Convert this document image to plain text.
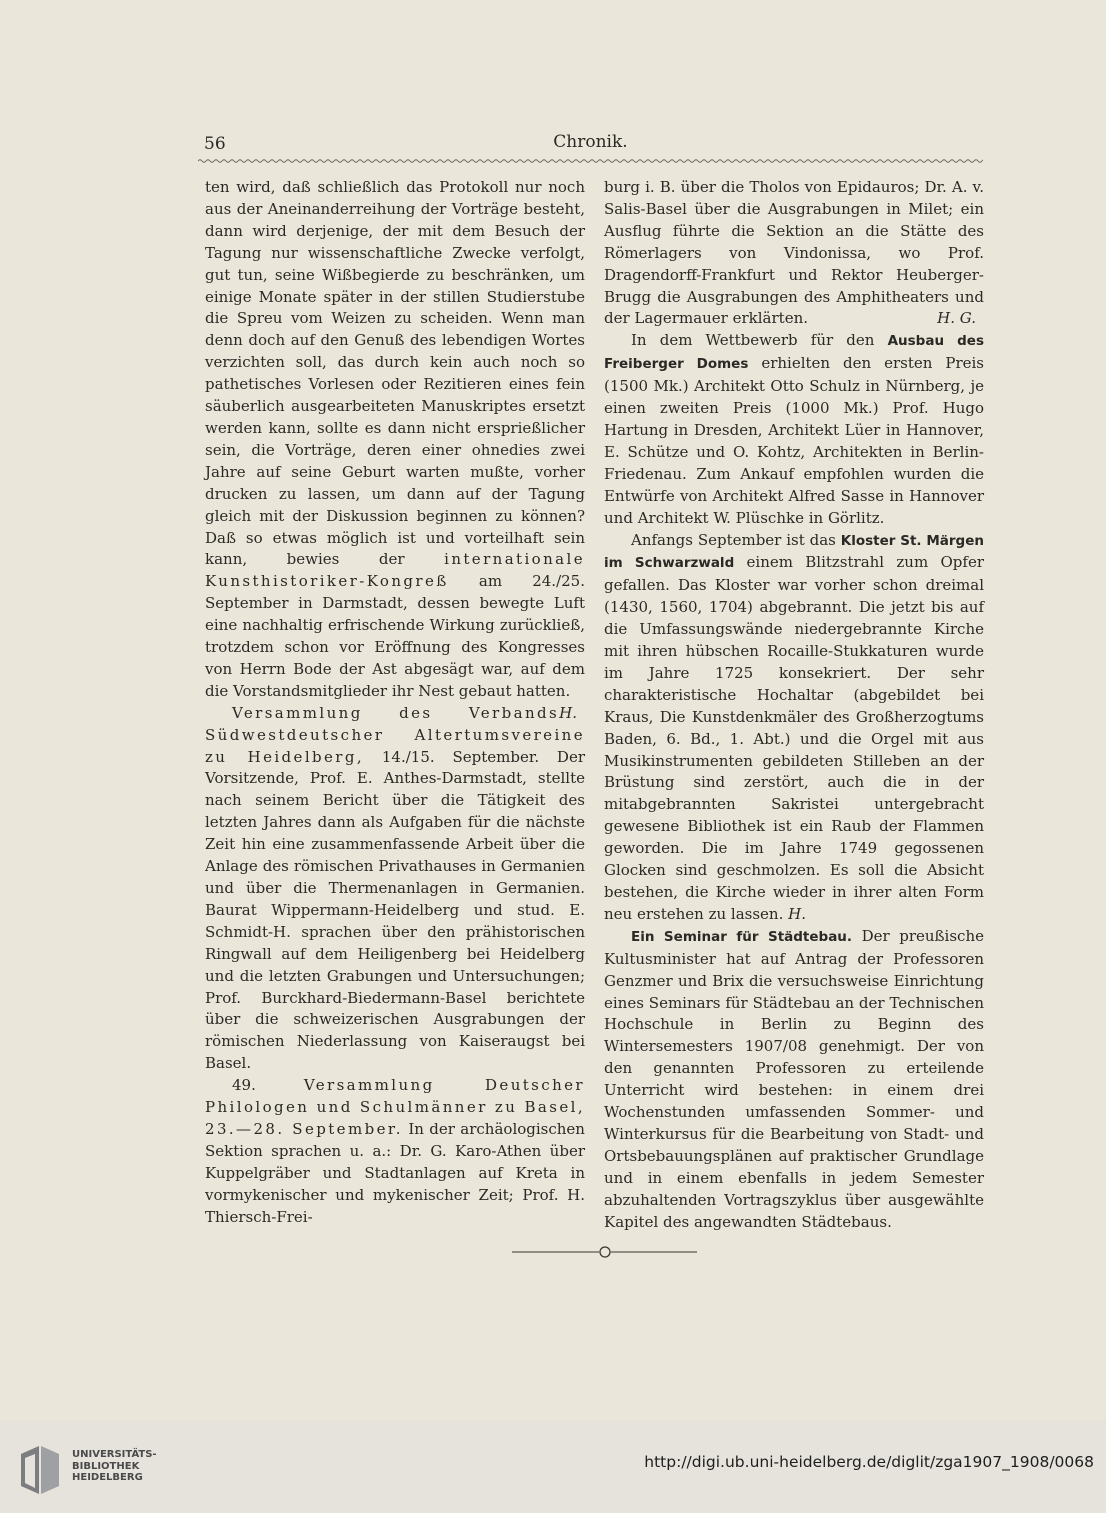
56	Chronik.

ten wird, daß schließlich das Protokoll nur noch aus der Aneinanderreihung der Vorträge besteht, dann wird derjenige, der mit dem Besuch der Tagung nur wissenschaftliche Zwecke verfolgt, gut tun, seine Wißbegierde zu beschränken, um einige Monate später in der stillen Studierstube die Spreu vom Weizen zu scheiden. Wenn man denn doch auf den Genuß des lebendigen Wortes verzichten soll, das durch kein auch noch so pathetisches Vorlesen oder Rezitieren eines fein säuberlich ausgearbeiteten Manuskriptes ersetzt werden kann, sollte es dann nicht ersprießlicher sein, die Vorträge, deren einer ohnedies zwei Jahre auf seine Geburt warten mußte, vorher drucken zu lassen, um dann auf der Tagung gleich mit der Diskussion beginnen zu können? Daß so etwas möglich ist und vorteilhaft sein kann, bewies der	internationale Kunsthistoriker-Kongreß am 24./25. September in Darmstadt, dessen bewegte Luft eine nachhaltig erfrischende Wirkung zurückließ, trotzdem schon vor Eröffnung des Kongresses von Herrn Bode der Ast abgesägt war, auf dem die Vorstandsmitglieder ihr Nest gebaut hatten.
H.

Versammlung des Verbands Südwestdeutscher Altertumsvereine zu Heidelberg, 14./15. September. Der Vorsitzende, Prof. E. Anthes-Darmstadt, stellte nach seinem Bericht über die Tätigkeit des letzten Jahres dann als Aufgaben für die nächste Zeit hin eine zusammenfassende Arbeit über die Anlage des römischen Privathauses in Germanien und über die Thermenanlagen in Germanien. Baurat Wippermann-Heidelberg und stud. E. Schmidt-H. sprachen über den prähistorischen Ringwall auf dem Heiligenberg bei Heidelberg und die letzten Grabungen und Untersuchungen; Prof. Burckhard-Biedermann-Basel berichtete über die schweizerischen Ausgrabungen der römischen Niederlassung von Kaiseraugst bei Basel.

49.	Versammlung Deutscher Philologen und Schulmänner zu Basel, 23.—28. September. In der archäologischen Sektion sprachen u. a.: Dr. G. Karo-Athen über Kuppelgräber und Stadtanlagen auf Kreta in vormykenischer und mykenischer Zeit; Prof. H. Thiersch-Frei-

burg i. B. über die Tholos von Epidauros; Dr. A. v. Salis-Basel über die Ausgrabungen in Milet; ein Ausflug führte die Sektion an die Stätte des Römerlagers von Vindonissa, wo Prof. Dragendorff-Frankfurt und Rektor Heuberger-Brugg die Ausgrabungen des Amphitheaters und der Lagermauer erklärten.	H. G.

In dem Wettbewerb für den Ausbau des Freiberger Domes erhielten den ersten Preis (1500 Mk.) Architekt Otto Schulz in Nürnberg, je einen zweiten Preis (1000 Mk.) Prof. Hugo Hartung in Dresden, Architekt Lüer in Hannover, E. Schütze und O. Kohtz, Architekten in Berlin-Friedenau. Zum Ankauf empfohlen wurden die Entwürfe von Architekt Alfred Sasse in Hannover und Architekt W. Plüschke in Görlitz.

Anfangs September ist das Kloster St. Märgen im Schwarzwald einem Blitzstrahl zum Opfer gefallen. Das Kloster war vorher schon dreimal (1430, 1560, 1704) abgebrannt. Die jetzt bis auf die Umfassungswände niedergebrannte Kirche mit ihren hübschen Rocaille-Stukkaturen wurde im Jahre 1725 konsekriert. Der sehr charakteristische Hochaltar (abgebildet bei Kraus, Die Kunstdenkmäler des Großherzogtums Baden, 6. Bd., 1. Abt.) und die Orgel mit aus Musikinstrumenten gebildeten Stilleben an der Brüstung sind zerstört, auch die in der mitabgebrannten Sakristei untergebracht gewesene Bibliothek ist ein Raub der Flammen geworden. Die im Jahre 1749 gegossenen Glocken sind geschmolzen. Es soll die Absicht bestehen, die Kirche wieder in ihrer alten Form neu erstehen zu lassen. H.

Ein Seminar für Städtebau. Der preußische Kultusminister hat auf Antrag der Professoren Genzmer und Brix die versuchsweise Einrichtung eines Seminars für Städtebau an der Technischen Hochschule in Berlin zu Beginn des Wintersemesters 1907/08 genehmigt. Der von den genannten Professoren zu erteilende Unterricht wird bestehen: in einem drei Wochenstunden umfassenden Sommer- und Winterkursus für die Bearbeitung von Stadt- und Ortsbebauungsplänen auf praktischer Grundlage und in einem ebenfalls in jedem Semester abzuhaltenden Vortragszyklus über ausgewählte Kapitel des angewandten Städtebaus.

UNIVERSITÄTS-
BIBLIOTHEK
HEIDELBERG
http://digi.ub.uni-heidelberg.de/diglit/zga1907_1908/0068
